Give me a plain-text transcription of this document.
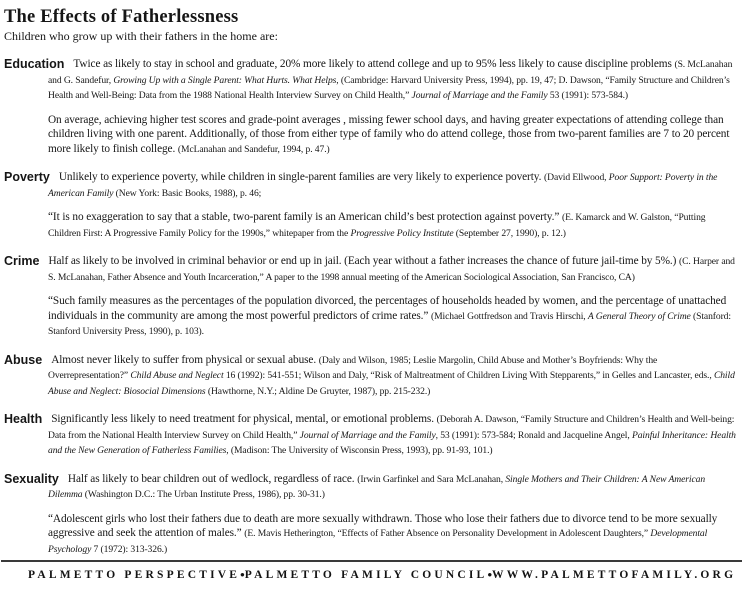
The Effects of Fatherlessness
Children who grow up with their fathers in the home are:
Education Twice as likely to stay in school and graduate, 20% more likely to attend college and up to 95% less likely to cause discipline problems (S. McLanahan and G. Sandefur, Growing Up with a Single Parent: What Hurts. What Helps, (Cambridge: Harvard University Press, 1994), pp. 19, 47; D. Dawson, “Family Structure and Children’s Health and Well-Being: Data from the 1988 National Health Interview Survey on Child Health,” Journal of Marriage and the Family 53 (1991): 573-584.)

On average, achieving higher test scores and grade-point averages , missing fewer school days, and having greater expectations of attending college than children living with one parent. Additionally, of those from either type of family who do attend college, those from two-parent families are 7 to 20 percent more likely to finish college. (McLanahan and Sandefur, 1994, p. 47.)

Poverty Unlikely to experience poverty, while children in single-parent families are very likely to experience poverty. (David Ellwood, Poor Support: Poverty in the American Family (New York: Basic Books, 1988), p. 46;

“It is no exaggeration to say that a stable, two-parent family is an American child’s best protection against poverty.” (E. Kamarck and W. Galston, “Putting Children First: A Progressive Family Policy for the 1990s,” whitepaper from the Progressive Policy Institute (September 27, 1990), p. 12.)

Crime Half as likely to be involved in criminal behavior or end up in jail. (Each year without a father increases the chance of future jail-time by 5%.) (C. Harper and S. McLanahan, Father Absence and Youth Incarceration,” A paper to the 1998 annual meeting of the American Sociological Association, San Francisco, CA)

“Such family measures as the percentages of the population divorced, the percentages of households headed by women, and the percentage of unattached individuals in the community are among the most powerful predictors of crime rates.” (Michael Gottfredson and Travis Hirschi, A General Theory of Crime (Stanford: Stanford University Press, 1990), p. 103).

Abuse Almost never likely to suffer from physical or sexual abuse. (Daly and Wilson, 1985; Leslie Margolin, Child Abuse and Mother’s Boyfriends: Why the Overrepresentation?” Child Abuse and Neglect 16 (1992): 541-551; Wilson and Daly, “Risk of Maltreatment of Children Living With Stepparents,” in Gelles and Lancaster, eds., Child Abuse and Neglect: Biosocial Dimensions (Hawthorne, N.Y.; Aldine De Gruyter, 1987), pp. 215-232.)

Health Significantly less likely to need treatment for physical, mental, or emotional problems. (Deborah A. Dawson, “Family Structure and Children’s Health and Well-being: Data from the National Health Interview Survey on Child Health,” Journal of Marriage and the Family, 53 (1991): 573-584; Ronald and Jacqueline Angel, Painful Inheritance: Health and the New Generation of Fatherless Families, (Madison: The University of Wisconsin Press, 1993), pp. 91-93, 101.)

Sexuality Half as likely to bear children out of wedlock, regardless of race. (Irwin Garfinkel and Sara McLanahan, Single Mothers and Their Children: A New American Dilemma (Washington D.C.: The Urban Institute Press, 1986), pp. 30-31.)

“Adolescent girls who lost their fathers due to death are more sexually withdrawn. Those who lose their fathers due to divorce tend to be more sexually aggressive and seek the attention of males.” (E. Mavis Hetherington, “Effects of Father Absence on Personality Development in Adolescent Daughters,” Developmental Psychology 7 (1972): 313-326.)

PALMETTO PERSPECTIVE • PALMETTO FAMILY COUNCIL • WWW.PALMETTOFAMILY.ORG
